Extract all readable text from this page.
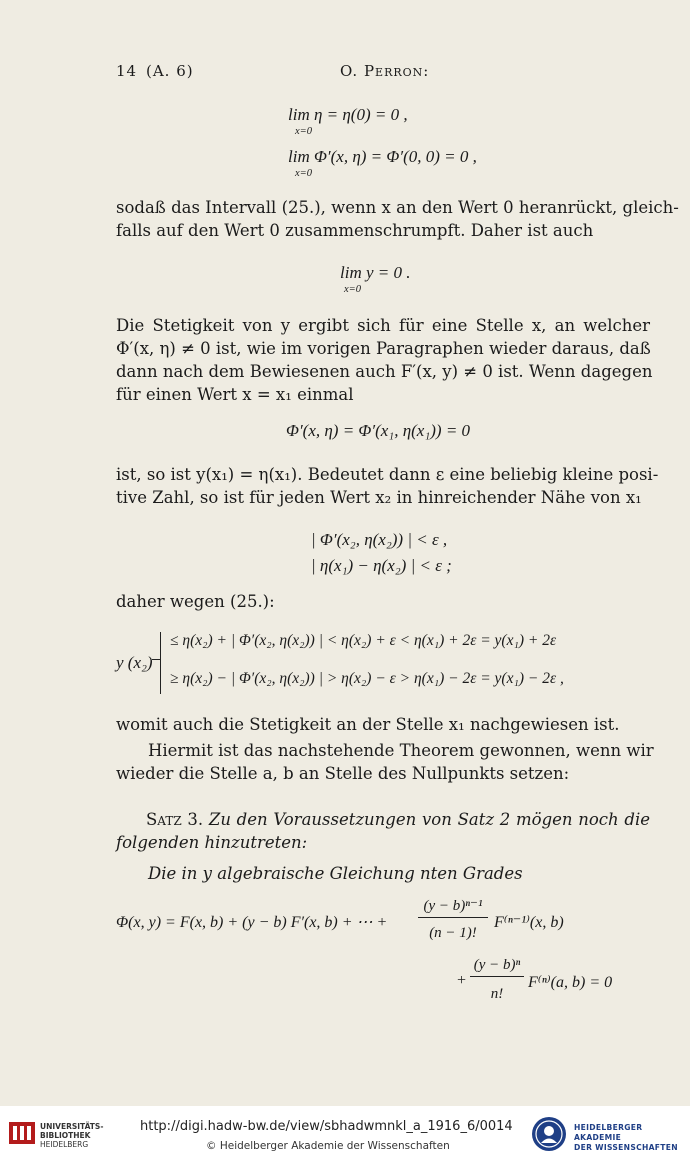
14 (A. 6)	O. Perron:
lim η = η(0) = 0 ,
x=0
lim Φ′(x, η) = Φ′(0, 0) = 0 ,
x=0
sodaß das Intervall (25.), wenn x an den Wert 0 heranrückt, gleich-
falls auf den Wert 0 zusammenschrumpft. Daher ist auch
lim y = 0 .
x=0
Die Stetigkeit von y ergibt sich für eine Stelle x, an welcher
Φ′(x, η) ≠ 0 ist, wie im vorigen Paragraphen wieder daraus, daß
dann nach dem Bewiesenen auch F′(x, y) ≠ 0 ist. Wenn dagegen
für einen Wert x = x₁ einmal
Φ′(x, η) = Φ′(x₁, η(x₁)) = 0
ist, so ist y(x₁) = η(x₁). Bedeutet dann ε eine beliebig kleine posi-
tive Zahl, so ist für jeden Wert x₂ in hinreichender Nähe von x₁
| Φ′(x₂, η(x₂)) | < ε ,
| η(x₁) − η(x₂) | < ε ;
daher wegen (25.):
y (x₂)
≤ η(x₂) + | Φ′(x₂, η(x₂)) | < η(x₂) + ε < η(x₁) + 2ε = y(x₁) + 2ε
≥ η(x₂) − | Φ′(x₂, η(x₂)) | > η(x₂) − ε > η(x₁) − 2ε = y(x₁) − 2ε ,
womit auch die Stetigkeit an der Stelle x₁ nachgewiesen ist.
Hiermit ist das nachstehende Theorem gewonnen, wenn wir
wieder die Stelle a, b an Stelle des Nullpunkts setzen:
Satz 3. Zu den Voraussetzungen von Satz 2 mögen noch die
folgenden hinzutreten:
Die in y algebraische Gleichung nten Grades
Φ(x, y) = F(x, b) + (y − b) F′(x, b) + ⋯ +
(y − b)ⁿ⁻¹
(n − 1)!
F⁽ⁿ⁻¹⁾(x, b)
+
(y − b)ⁿ
n!
F⁽ⁿ⁾(a, b) = 0
UNIVERSITÄTS-
BIBLIOTHEK
HEIDELBERG
http://digi.hadw-bw.de/view/sbhadwmnkl_a_1916_6/0014
© Heidelberger Akademie der Wissenschaften
HEIDELBERGER AKADEMIE
DER WISSENSCHAFTEN
